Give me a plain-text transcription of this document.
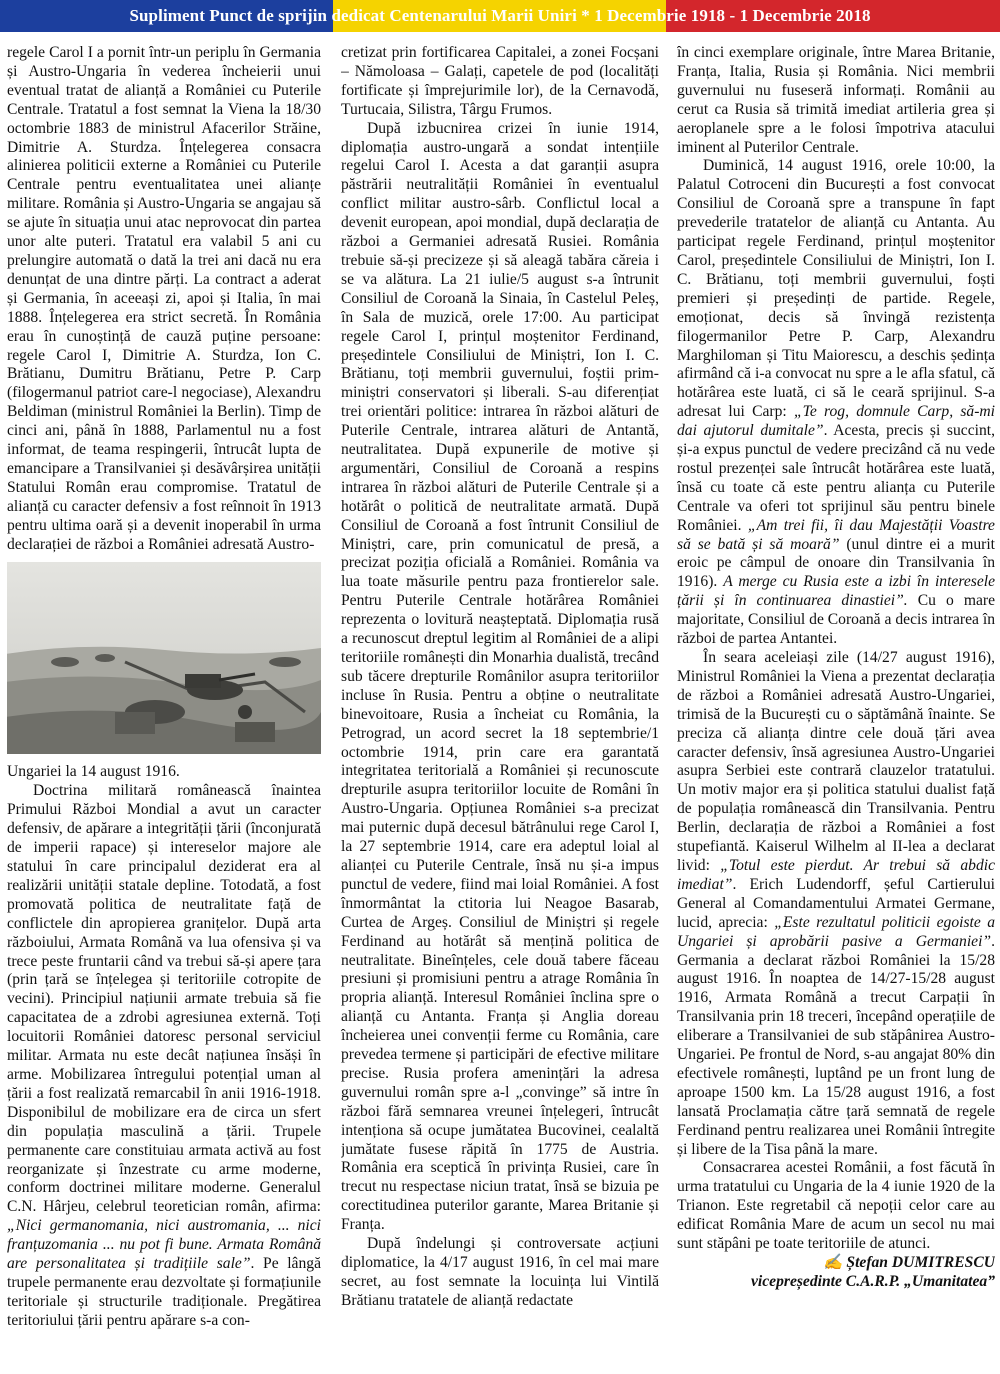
Supliment Punct de sprijin dedicat Centenarului Marii Uniri * 1 Decembrie 1918 - 1 Decembrie 2018

regele Carol I a pornit într-un periplu în Germania și Austro-Ungaria în vederea încheierii unui eventual tratat de alianță a României cu Puterile Centrale. Tratatul a fost semnat la Viena la 18/30 octombrie 1883 de ministrul Afacerilor Străine, Dimitrie A. Sturdza. Înțelegerea consacra alinierea politicii externe a României cu Puterile Centrale pentru eventualitatea unei alianțe militare. România și Austro-Ungaria se angajau să se ajute în situația unui atac neprovocat din partea unor alte puteri. Tratatul era valabil 5 ani cu prelungire automată o dată la trei ani dacă nu era denunțat de una dintre părți. La contract a aderat și Germania, în aceeași zi, apoi și Italia, în mai 1888. Înțelegerea era strict secretă. În România erau în cunoștință de cauză puține persoane: regele Carol I, Dimitrie A. Sturdza, Ion C. Brătianu, Dumitru Brătianu, Petre P. Carp (filogermanul patriot care-l negociase), Alexandru Beldiman (ministrul României la Berlin). Timp de cinci ani, până în 1888, Parlamentul nu a fost informat, de teama respingerii, întrucât lupta de emancipare a Transilvaniei și desăvârșirea unității Statului Român erau compromise. Tratatul de alianță cu caracter defensiv a fost reînnoit în 1913 pentru ultima oară și a devenit inoperabil în urma declarației de război a României adresată Austro-

Ungariei la 14 august 1916.

Doctrina militară românească înaintea Primului Război Mondial a avut un caracter defensiv, de apărare a integrității țării (înconjurată de imperii rapace) și intereselor majore ale statului în care principalul deziderat era al realizării unității statale depline. Totodată, a fost promovată politica de neutralitate față de conflictele din apropierea granițelor. După arta războiului, Armata Română va lua ofensiva și va trece peste fruntarii când va trebui să-și apere țara (prin țară se înțelegea și teritoriile cotropite de vecini). Principiul națiunii armate trebuia să fie capacitatea de a zdrobi agresiunea externă. Toți locuitorii României datoresc personal serviciul militar. Armata nu este decât națiunea însăși în arme. Mobilizarea întregului potențial uman al țării a fost realizată remarcabil în anii 1916-1918. Disponibilul de mobilizare era de circa un sfert din populația masculină a țării. Trupele permanente care constituiau armata activă au fost reorganizate și înzestrate cu arme moderne, conform doctrinei militare moderne. Generalul C.N. Hârjeu, celebrul teoretician român, afirma: „Nici germanomania, nici austromania, ... nici franțuzomania ... nu pot fi bune. Armata Română are personalitatea și tradițiile sale”. Pe lângă trupele permanente erau dezvoltate și formațiunile teritoriale și structurile tradiționale. Pregătirea teritoriului țării pentru apărare s-a con-

cretizat prin fortificarea Capitalei, a zonei Focșani – Nămoloasa – Galați, capetele de pod (localități fortificate și împrejurimile lor), de la Cernavodă, Turtucaia, Silistra, Târgu Frumos.

După izbucnirea crizei în iunie 1914, diplomația austro-ungară a sondat intențiile regelui Carol I. Acesta a dat garanții asupra păstrării neutralității României în eventualul conflict militar austro-sârb. Conflictul local a devenit european, apoi mondial, după declarația de război a Germaniei adresată Rusiei. România trebuie să-și precizeze și să aleagă tabăra căreia i se va alătura. La 21 iulie/5 august s-a întrunit Consiliul de Coroană la Sinaia, în Castelul Peleș, în Sala de muzică, orele 17:00. Au participat regele Carol I, prințul moștenitor Ferdinand, președintele Consiliului de Miniștri, Ion I. C. Brătianu, toți membrii guvernului, foștii prim-miniștri conservatori și liberali. S-au diferențiat trei orientări politice: intrarea în război alături de Puterile Centrale, intrarea alături de Antantă, neutralitatea. După expunerile de motive și argumentări, Consiliul de Coroană a respins intrarea în război alături de Puterile Centrale și a hotărât o politică de neutralitate armată. După Consiliul de Coroană a fost întrunit Consiliul de Miniștri, care, prin comunicatul de presă, a precizat poziția oficială a României. România va lua toate măsurile pentru paza frontierelor sale. Pentru Puterile Centrale hotărârea României reprezenta o lovitură neașteptată. Diplomația rusă a recunoscut dreptul legitim al României de a alipi teritoriile românești din Monarhia dualistă, trecând sub tăcere drepturile Românilor asupra teritoriilor incluse în Rusia. Pentru a obține o neutralitate binevoitoare, Rusia a încheiat cu România, la Petrograd, un acord secret la 18 septembrie/1 octombrie 1914, prin care era garantată integritatea teritorială a României și recunoscute drepturile asupra teritoriilor locuite de Români în Austro-Ungaria. Opțiunea României s-a precizat mai puternic după decesul bătrânului rege Carol I, la 27 septembrie 1914, care era adeptul loial al alianței cu Puterile Centrale, însă nu și-a impus punctul de vedere, fiind mai loial României. A fost înmormântat la ctitoria lui Neagoe Basarab, Curtea de Argeș. Consiliul de Miniștri și regele Ferdinand au hotărât să mențină politica de neutralitate. Bineînțeles, cele două tabere făceau presiuni și promisiuni pentru a atrage România în propria alianță. Interesul României înclina spre o alianță cu Antanta. Franța și Anglia doreau încheierea unei convenții ferme cu România, care prevedea termene și participări de efective militare precise. Rusia profera amenințări la adresa guvernului român spre a-l „convinge” să intre în război fără semnarea vreunei înțelegeri, întrucât intenționa să ocupe jumătatea Bucovinei, cealaltă jumătate fusese răpită în 1775 de Austria. România era sceptică în privința Rusiei, care în trecut nu respectase niciun tratat, însă se bizuia pe corectitudinea puterilor garante, Marea Britanie și Franța.

După îndelungi și controversate acțiuni diplomatice, la 4/17 august 1916, în cel mai mare secret, au fost semnate la locuința lui Vintilă Brătianu tratatele de alianță redactate

în cinci exemplare originale, între Marea Britanie, Franța, Italia, Rusia și România. Nici membrii guvernului nu fuseseră informați. Românii au cerut ca Rusia să trimită imediat artileria grea și aeroplanele spre a le folosi împotriva atacului iminent al Puterilor Centrale.

Duminică, 14 august 1916, orele 10:00, la Palatul Cotroceni din București a fost convocat Consiliul de Coroană spre a transpune în fapt prevederile tratatelor de alianță cu Antanta. Au participat regele Ferdinand, prințul moștenitor Carol, președintele Consiliului de Miniștri, Ion I. C. Brătianu, toți membrii guvernului, foști premieri și președinți de partide. Regele, emoționat, decis să învingă rezistența filogermanilor Petre P. Carp, Alexandru Marghiloman și Titu Maiorescu, a deschis ședința afirmând că i-a convocat nu spre a le afla sfatul, că hotărârea este luată, ci să le ceară sprijinul. S-a adresat lui Carp: „Te rog, domnule Carp, să-mi dai ajutorul dumitale”. Acesta, precis și succint, și-a expus punctul de vedere precizând că nu vede rostul prezenței sale întrucât hotărârea este luată, însă cu toate că este pentru alianța cu Puterile Centrale va oferi tot sprijinul său pentru binele României. „Am trei fii, îi dau Majestății Voastre să se bată și să moară” (unul dintre ei a murit eroic pe câmpul de onoare din Transilvania în 1916). A merge cu Rusia este a izbi în interesele țării și în continuarea dinastiei”. Cu o mare majoritate, Consiliul de Coroană a decis intrarea în război de partea Antantei.

În seara aceleiași zile (14/27 august 1916), Ministrul României la Viena a prezentat declarația de război a României adresată Austro-Ungariei, trimisă de la București cu o săptămână înainte. Se preciza că alianța dintre cele două țări avea caracter defensiv, însă agresiunea Austro-Ungariei asupra Serbiei este contrară clauzelor tratatului. Un motiv major era și politica statului dualist față de populația românească din Transilvania. Pentru Berlin, declarația de război a României a fost stupefiantă. Kaiserul Wilhelm al II-lea a declarat livid: „Totul este pierdut. Ar trebui să abdic imediat”. Erich Ludendorff, șeful Cartierului General al Comandamentului Armatei Germane, lucid, aprecia: „Este rezultatul politicii egoiste a Ungariei și aprobării pasive a Germaniei”. Germania a declarat război României la 15/28 august 1916. În noaptea de 14/27-15/28 august 1916, Armata Română a trecut Carpații în Transilvania prin 18 treceri, începând operațiile de eliberare a Transilvaniei de sub stăpânirea Austro-Ungariei. Pe frontul de Nord, s-au angajat 80% din efectivele românești, luptând pe un front lung de aproape 1500 km. La 15/28 august 1916, a fost lansată Proclamația către țară semnată de regele Ferdinand pentru realizarea unei Românii întregite și libere de la Tisa până la mare.

Consacrarea acestei Românii, a fost făcută în urma tratatului cu Ungaria de la 4 iunie 1920 de la Trianon. Este regretabil că nepoții celor care au edificat România Mare de acum un secol nu mai sunt stăpâni pe toate teritoriile de atunci.

✍ Ștefan DUMITRESCU

vicepreședinte C.A.R.P. „Umanitatea”
